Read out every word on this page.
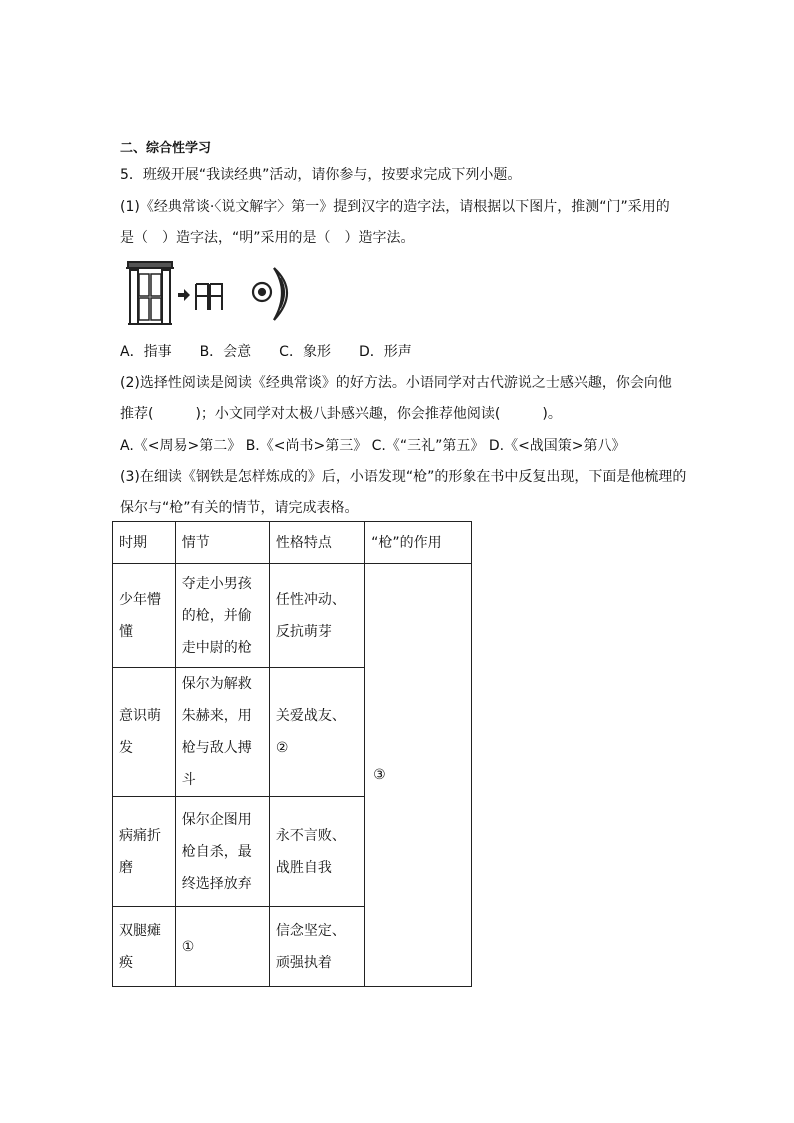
二、综合性学习
5．班级开展“我读经典”活动，请你参与，按要求完成下列小题。
(1)《经典常谈·〈说文解字〉第一》提到汉字的造字法，请根据以下图片，推测“门”采用的
是（　）造字法，“明”采用的是（　）造字法。
A．指事　　B．会意　　C．象形　　D．形声
(2)选择性阅读是阅读《经典常谈》的好方法。小语同学对古代游说之士感兴趣，你会向他
推荐(　　　)；小文同学对太极八卦感兴趣，你会推荐他阅读(　　　)。
A.《<周易>第二》 B.《<尚书>第三》 C.《“三礼”第五》 D.《<战国策>第八》
(3)在细读《钢铁是怎样炼成的》后，小语发现“枪”的形象在书中反复出现，下面是他梳理的
保尔与“枪”有关的情节，请完成表格。
时期	情节	性格特点	“枪”的作用
少年懵懂	夺走小男孩的枪，并偷走中尉的枪	任性冲动、反抗萌芽	③
意识萌发	保尔为解救朱赫来，用枪与敌人搏斗	关爱战友、②	
病痛折磨	保尔企图用枪自杀，最终选择放弃	永不言败、战胜自我	
双腿瘫痪	①	信念坚定、顽强执着	
